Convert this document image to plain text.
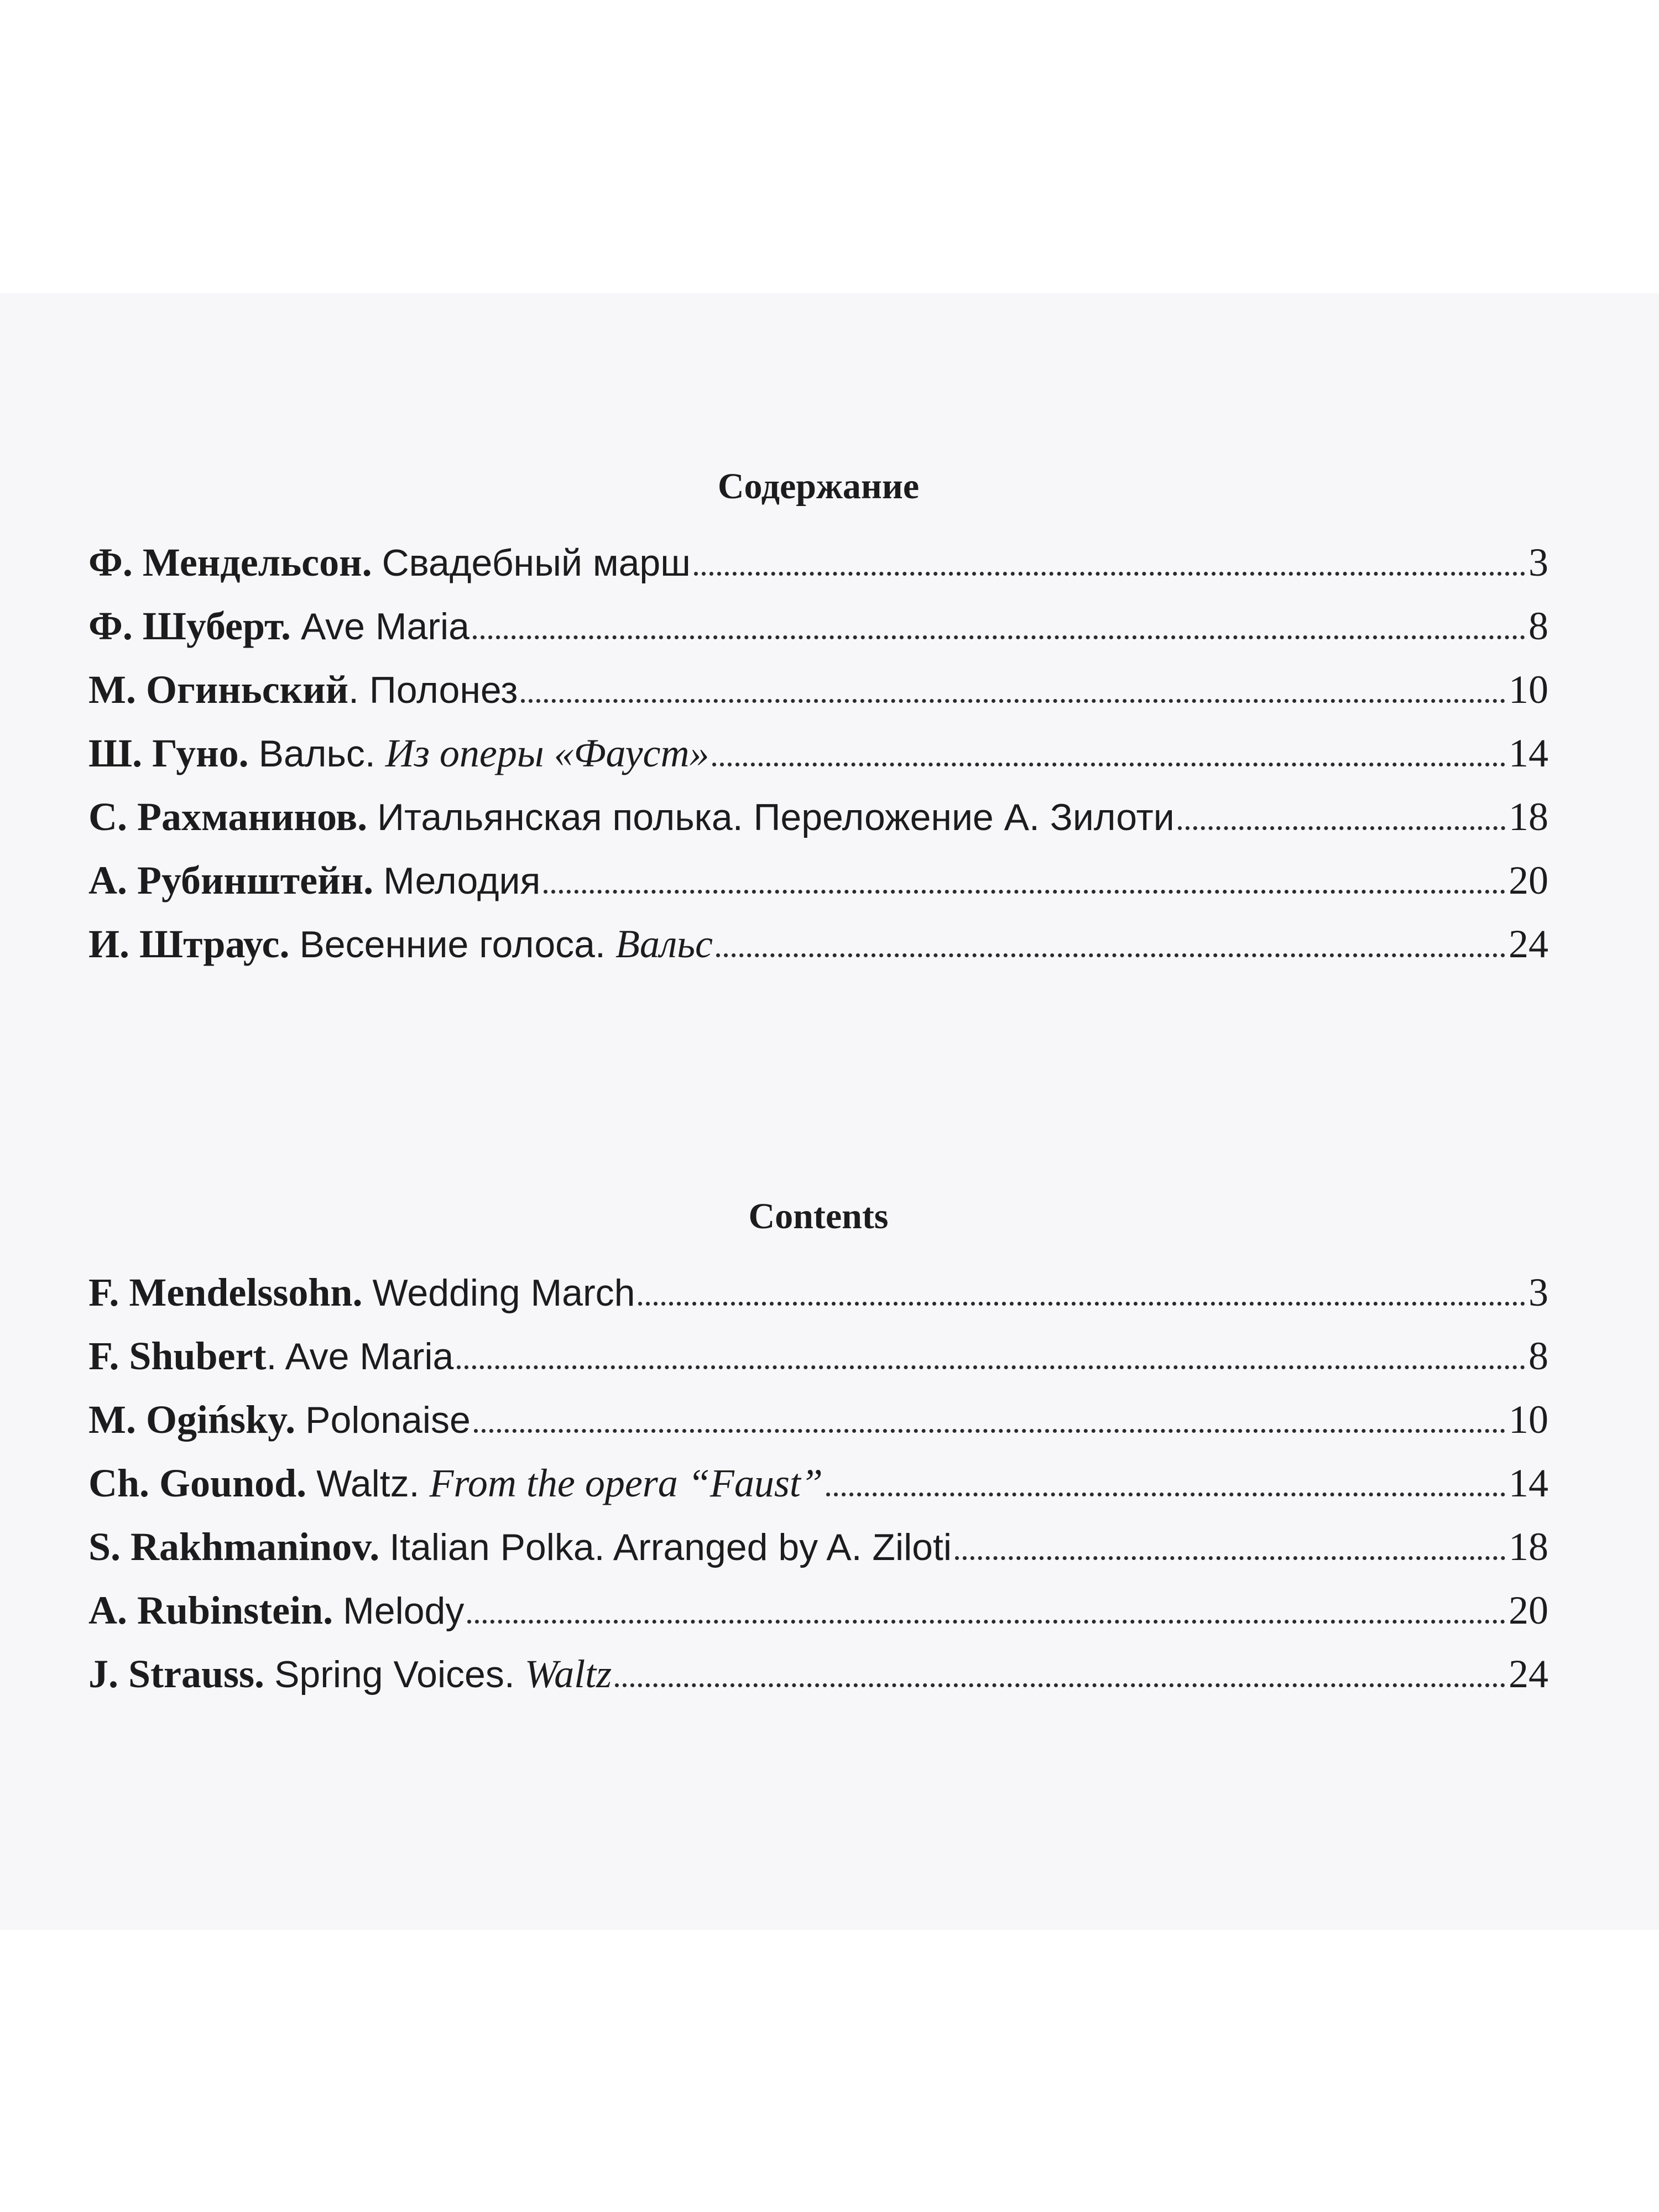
Содержание
Ф. Мендельсон. Свадебный марш	3
Ф. Шуберт. Ave Maria	8
М. Огиньский . Полонез	10
Ш. Гуно. Вальс. Из оперы «Фауст»	14
С. Рахманинов. Итальянская полька. Переложение А. Зилоти	18
А. Рубинштейн. Мелодия	20
И. Штраус. Весенние голоса. Вальс	24
Contents
F. Mendelssohn. Wedding March	3
F. Shubert . Ave Maria	8
M. Ogińsky. Polonaise	10
Ch. Gounod. Waltz. From the opera “Faust”	14
S. Rakhmaninov. Italian Polka. Arranged by A. Ziloti	18
A. Rubinstein. Melody	20
J. Strauss. Spring Voices. Waltz	24
